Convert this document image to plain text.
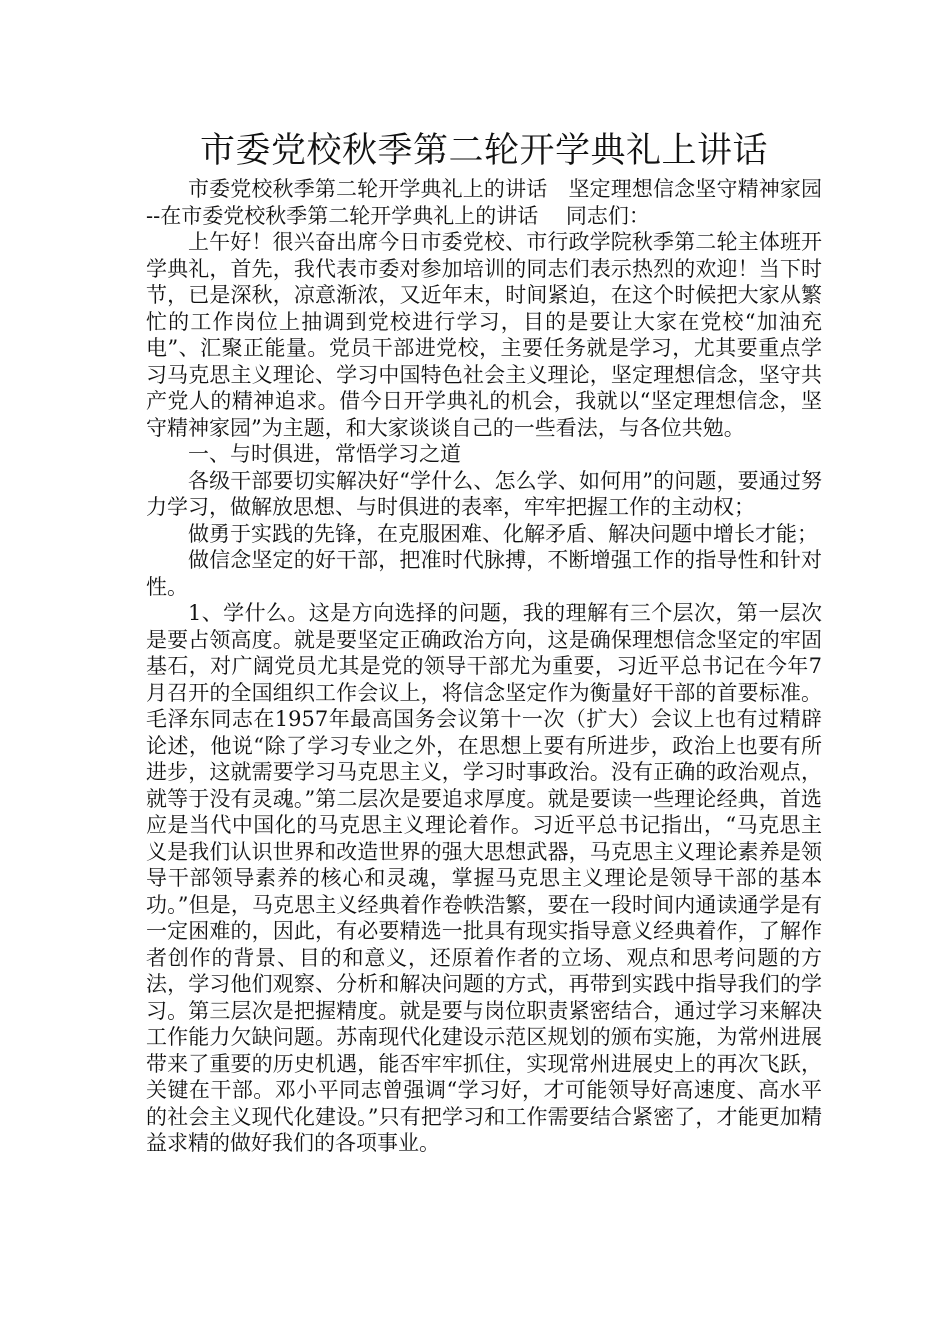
市委党校秋季第二轮开学典礼上讲话

市委党校秋季第二轮开学典礼上的讲话　坚定理想信念坚守精神家园 --在市委党校秋季第二轮开学典礼上的讲话　 同志们：

上午好！很兴奋出席今日市委党校、市行政学院秋季第二轮主体班开学典礼，首先，我代表市委对参加培训的同志们表示热烈的欢迎！当下时节，已是深秋，凉意渐浓，又近年末，时间紧迫，在这个时候把大家从繁忙的工作岗位上抽调到党校进行学习，目的是要让大家在党校“加油充电”、汇聚正能量。党员干部进党校，主要任务就是学习，尤其要重点学习马克思主义理论、学习中国特色社会主义理论，坚定理想信念，坚守共产党人的精神追求。借今日开学典礼的机会，我就以“坚定理想信念，坚守精神家园”为主题，和大家谈谈自己的一些看法，与各位共勉。

一、与时俱进，常悟学习之道

各级干部要切实解决好“学什么、怎么学、如何用”的问题，要通过努力学习，做解放思想、与时俱进的表率，牢牢把握工作的主动权；

做勇于实践的先锋，在克服困难、化解矛盾、解决问题中增长才能；

做信念坚定的好干部，把准时代脉搏，不断增强工作的指导性和针对性。

1、学什么。这是方向选择的问题，我的理解有三个层次，第一层次是要占领高度。就是要坚定正确政治方向，这是确保理想信念坚定的牢固基石，对广阔党员尤其是党的领导干部尤为重要，习近平总书记在今年7月召开的全国组织工作会议上，将信念坚定作为衡量好干部的首要标准。毛泽东同志在1957年最高国务会议第十一次（扩大）会议上也有过精辟论述，他说“除了学习专业之外，在思想上要有所进步，政治上也要有所进步，这就需要学习马克思主义，学习时事政治。没有正确的政治观点，就等于没有灵魂。”第二层次是要追求厚度。就是要读一些理论经典，首选应是当代中国化的马克思主义理论着作。习近平总书记指出，“马克思主义是我们认识世界和改造世界的强大思想武器，马克思主义理论素养是领导干部领导素养的核心和灵魂，掌握马克思主义理论是领导干部的基本功。”但是，马克思主义经典着作卷帙浩繁，要在一段时间内通读通学是有一定困难的，因此，有必要精选一批具有现实指导意义经典着作，了解作者创作的背景、目的和意义，还原着作者的立场、观点和思考问题的方法，学习他们观察、分析和解决问题的方式，再带到实践中指导我们的学习。第三层次是把握精度。就是要与岗位职责紧密结合，通过学习来解决工作能力欠缺问题。苏南现代化建设示范区规划的颁布实施，为常州进展带来了重要的历史机遇，能否牢牢抓住，实现常州进展史上的再次飞跃，关键在干部。邓小平同志曾强调“学习好，才可能领导好高速度、高水平的社会主义现代化建设。”只有把学习和工作需要结合紧密了，才能更加精益求精的做好我们的各项事业。
